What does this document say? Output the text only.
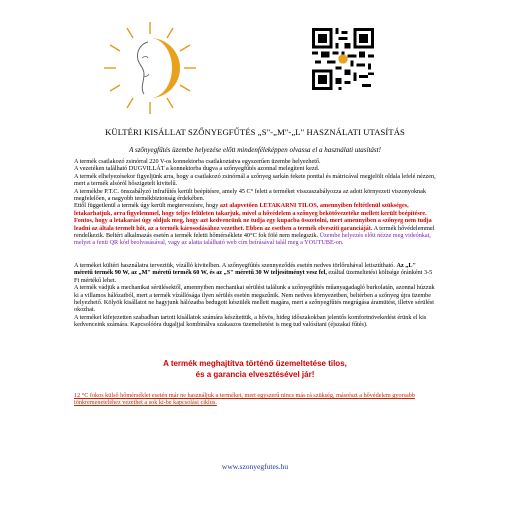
KÜLTÉRI KISÁLLAT SZŐNYEGFŰTÉS „S"-„M"-„L" HASZNÁLATI UTASÍTÁS
A szőnyegfűtés üzembe helyezése előtt mindenféleképpen olvassa el a használati utasítást!

A termék csatlakozó zsinórral 220 V-os konnektorba csatlakoztatva egyszerűen üzembe helyezhető.

A vezetéken található DUGVILLÁT a konnektorba dugva a szőnyegfűtés azonnal melegíteni kezd.

A termék elhelyezésekor figyeljünk arra, hogy a csatlakozó zsinórnál a szőnyeg sarkán fekete ponttal és mátricával megjelölt oldala lefelé nézzen, mert a termék alsóról hőszigetelt kivitelű.

A termékbe P.T.C. önszabályzó infrafűtés került beépítésre, amely 45 C° felett a terméket visszaszabályozza az adott környezeti viszonyoknak megfelelően, a nagyobb termékbiztonság érdekében.

Ettől függetlenül a termék úgy került megtervezésre, hogy azt alapvetően LETAKARNI TILOS, amennyiben feltétlenül szükséges, letakarhatjuk, arra figyelemmel, hogy teljes felületen takarjuk, mivel a hővédelem a szőnyeg bekötővezetéke mellett került beépítésre. Fontos, hogy a letakarást úgy oldjuk meg, hogy azt kedvencünk ne tudja egy kupacba összetolni, mert amennyiben a szőnyeg nem tudja leadni az általa termelt hőt, az a termék károsodásához vezethet. Ebben az esetben a termék elveszíti garanciáját. A termék hővédelemmel rendelkezik. Beltéri alkalmazás esetén a termék feletti hőmérséklete 40°C fok fölé nem melegszik. Üzembe helyezés előtt nézze meg videónkat, melyet a fenti QR kód beolvasásával, vagy az alatta található web cím beírásával talál meg a YOUTUBE-on.

A terméket kültéri használatra terveztük, vízálló kivitelben. A szőnyegfűtés szennyeződés esetén nedves törlőruhával letisztítható. Az „L" méretű termék 90 W, az „M" méretű termék 60 W, és az „S" méretű 30 W teljesítményt vesz fel, ezáltal üzemeltetési költsége óránként 3-5 Ft mértékű lehet.

A termék vádjük a mechanikai sérülésektől, amennyiben mechanikai sérülést találunk a szőnyegfűtés műanyagadagló burkolatán, azonnal húzzuk ki a villamos hálózatból, mert a termék vízállósága ilyen sérülés esetén megszűnik. Nem nedves környezetben, beltérben a szőnyeg újra üzembe helyezhető. Kölyök kisállatot ne hagyjunk hálózatba bedugott készülék mellett magára, mert a szőnyegfűtés megrágása áramütést, illetve sérülést okozhat.

A terméket kifejezetten szabadban tartott kisállatok számára készítettük, a hővös, hideg időszakokban jelentős komfortnövekedést érünk el kis kedvenceink számára. Kapcsolóóra dugaljjal kombinálva szakaszos üzemeltetést is meg tud valósítani (éjszakai fűtés).

A termék meghajtítva történő üzemeltetése tilos,
és a garancia elvesztésével jár!
12 °C fokos külső hőmérséklet esetén már ne használjuk a terméket, mert egyszerű nincs más rá szükség, másrészt a hővédelem gyorsabb tönkremeneteléhez vezethet a sok ki-be kapcsolási ciklus.
www.szonyegfutes.hu
